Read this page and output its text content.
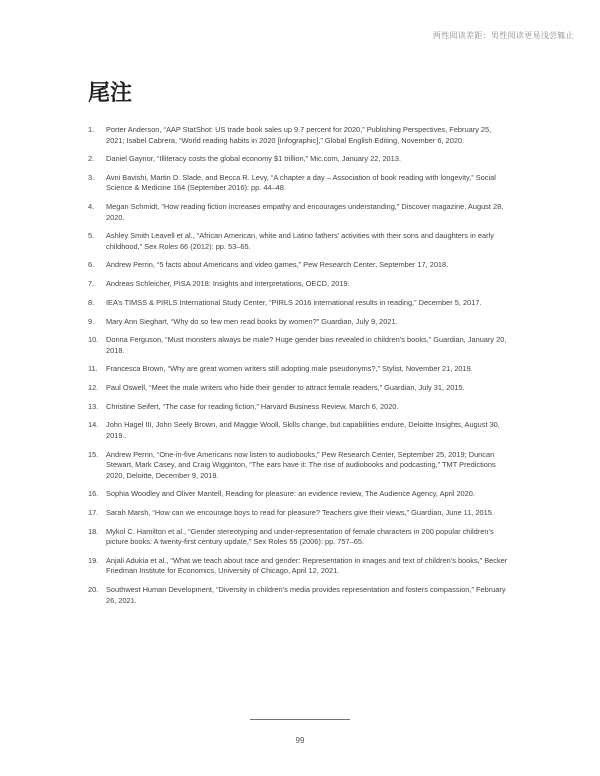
两性阅读差距：男性阅读更易浅尝辄止
尾注
1.	Porter Anderson, “AAP StatShot: US trade book sales up 9.7 percent for 2020,” Publishing Perspectives, February 25, 2021; Isabel Cabrera, “World reading habits in 2020 [Infographic],” Global English Editing, November 6, 2020.
2.	Daniel Gaynor, “Illiteracy costs the global economy $1 trillion,” Mic.com, January 22, 2013.
3.	Avni Bavishi, Martin D. Slade, and Becca R. Levy, “A chapter a day – Association of book reading with longevity,” Social Science & Medicine 164 (September 2016): pp. 44–48.
4.	Megan Schmidt, “How reading fiction increases empathy and encourages understanding,” Discover magazine, August 28, 2020.
5.	Ashley Smith Leavell et al., “African American, white and Latino fathers’ activities with their sons and daughters in early childhood,” Sex Roles 66 (2012): pp. 53–65.
6.	Andrew Perrin, “5 facts about Americans and video games,” Pew Research Center, September 17, 2018.
7.	Andreas Schleicher, PISA 2018: Insights and interpretations, OECD, 2019.
8.	IEA’s TIMSS & PIRLS International Study Center, “PIRLS 2016 international results in reading,” December 5, 2017.
9.	Mary Ann Sieghart, “Why do so few men read books by women?” Guardian, July 9, 2021.
10.	Donna Ferguson, “Must monsters always be male? Huge gender bias revealed in children’s books,” Guardian, January 20, 2018.
11.	Francesca Brown, “Why are great women writers still adopting male pseudonyms?,” Stylist, November 21, 2019.
12.	Paul Oswell, “Meet the male writers who hide their gender to attract female readers,” Guardian, July 31, 2015.
13.	Christine Seifert, “The case for reading fiction,” Harvard Business Review, March 6, 2020.
14.	John Hagel III, John Seely Brown, and Maggie Wooll, Skills change, but capabilities endure, Deloitte Insights, August 30, 2019..
15.	Andrew Perrin, “One-in-five Americans now listen to audiobooks,” Pew Research Center, September 25, 2019; Duncan Stewart, Mark Casey, and Craig Wigginton, “The ears have it: The rise of audiobooks and podcasting,” TMT Predictions 2020, Deloitte, December 9, 2019.
16.	Sophia Woodley and Oliver Mantell, Reading for pleasure: an evidence review, The Audience Agency, April 2020.
17.	Sarah Marsh, “How can we encourage boys to read for pleasure? Teachers give their views,” Guardian, June 11, 2015.
18.	Mykol C. Hamilton et al., “Gender stereotyping and under-representation of female characters in 200 popular children’s picture books: A twenty-first century update,” Sex Roles 55 (2006): pp. 757–65.
19.	Anjali Adukia et al., “What we teach about race and gender: Representation in images and text of children’s books,” Becker Friedman Institute for Economics, University of Chicago, April 12, 2021.
20.	Southwest Human Development, “Diversity in children’s media provides representation and fosters compassion,” February 26, 2021.
99
